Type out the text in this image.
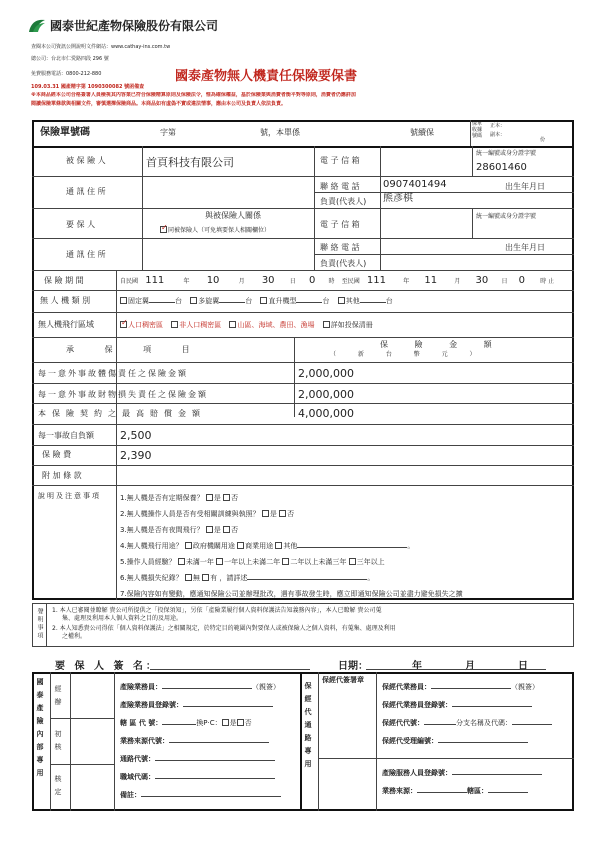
國泰世紀產物保險股份有限公司
查閱本公司資訊公開說明文件網站：www.cathay-ins.com.tw
總公司：台北市仁愛路四段 296 號
免費服務電話：0800-212-880	國泰產物無人機責任保險要保書
109.03.31 國產精字第 1090300082 號函備查
※本商品經本公司合格簽署人員檢視其內容業已符合保險精算原則及保險法令，惟為確保權益，基於保險業與消費者衡平對等原則，消費者仍應詳加
閱讀保險單條款與相關文件，審慎選擇保險商品。本商品如有虛偽不實或違法情事，應由本公司及負責人依法負責。
保險單號碼	字第	號，本單係	號續保
保單收據號碼
正本：
副本：
份
被 保 險 人	首頁科技有限公司	電 子 信 箱
統一編號或身分證字號
28601460
通 訊 住 所
聯 絡 電 話 0907401494	出生年月日
負責(代表人) 熊彥棋
要 保 人
與被保險人關係
✓同被保險人（可免填要保人相關欄位）
電 子 信 箱
統一編號或身分證字號
通 訊 住 所
聯 絡 電 話	出生年月日
負責(代表人)
保 險 期 間	自民國 111	年 10	月 30	日 0 時 至民國 111	年 11	月 30 日 0	時 止
無 人 機 類 別	固定翼	台 多旋翼	台 直升機型	台 其他	台
無人機飛行區域
✓	人口稠密區 非人口稠密區 山區、海域、農田、漁場 詳如投保清冊
承 保 項 目
保 險 金 額
（ 新 台 幣 元 ）
每一意外事故體傷責任之保險金額	2,000,000
每一意外事故財物損失責任之保險金額	2,000,000
本保險契約之最高賠償金額	4,000,000
每一事故自負額 2,500
保 險 費	2,390
附 加 條 款
說明及注意事項	1.無人機是否有定期保養？ 是 否
2.無人機操作人員是否有受相關訓練與執照？ 是 否
3.無人機是否有夜間飛行？ 是 否
4.無人機飛行用途？ 政府機關用途 商業用途 其他	。
5.操作人員經驗？ 未滿一年 一年以上未滿二年 二年以上未滿三年 三年以上
6.無人機損失紀錄？ 無 有 ，請詳述	。
7.保險內容如有變動，應通知保險公司並辦理批改，遇有事故發生時，應立即通知保險公司並盡力避免損失之擴
聲明事項 1. 本人已審閱並瞭解 貴公司所提供之「投保須知」，另依「產險業履行個人資料保護法告知義務內容」，本人已瞭解 貴公司蒐
集、處理及利用本人個人資料之目的及用途。
2. 本人知悉貴公司得依「個人資料保護法」之相關規定，於特定目的範圍內對要保人或被保險人之個人資料，有蒐集、處理及利用
之權利。
要 保 人 簽 名：	日期：	年	月	日
國泰產險內部專用 經辦
初核
核定
產險業務員：	（親簽）
產險業務員登錄號：
轄 區 代 號：	換P‧C： 是 否
業務來源代號：
通路代號：
職域代碼：
備註：
保經代通路專用
保經代簽署章
保經代業務員：	（親簽）
保經代業務員登錄號：
保經代代號：	分支名稱及代碼：
保經代受理編號：
產險服務人員登錄號：
業務來源：	轄區：
